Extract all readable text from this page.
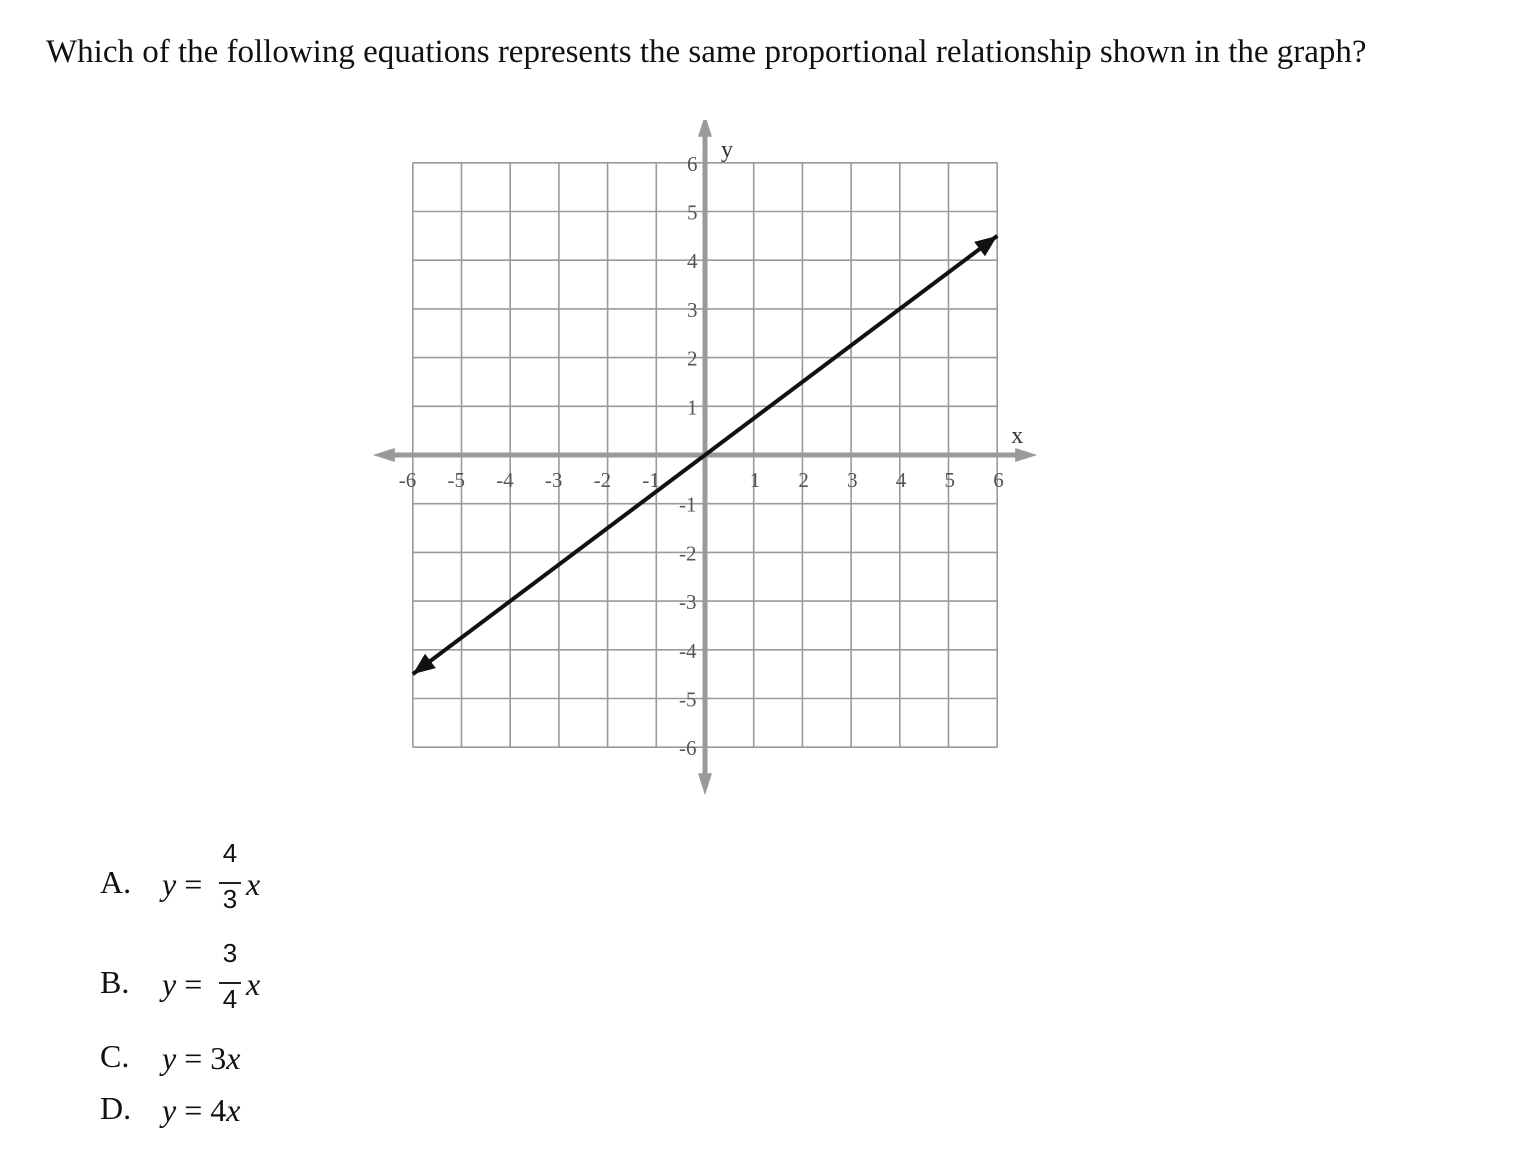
Which of the following equations represents the same proportional relationship shown in the graph?

-6 -5 -4 -3 -2 -1	1 2 3 4 5 6
6
5
4
3
2
1
-1
-2
-3
-4
-5
-6
x
y
A. y =
4
3 x
B. y =
3
4 x
C. y = 3x
D. y = 4x
